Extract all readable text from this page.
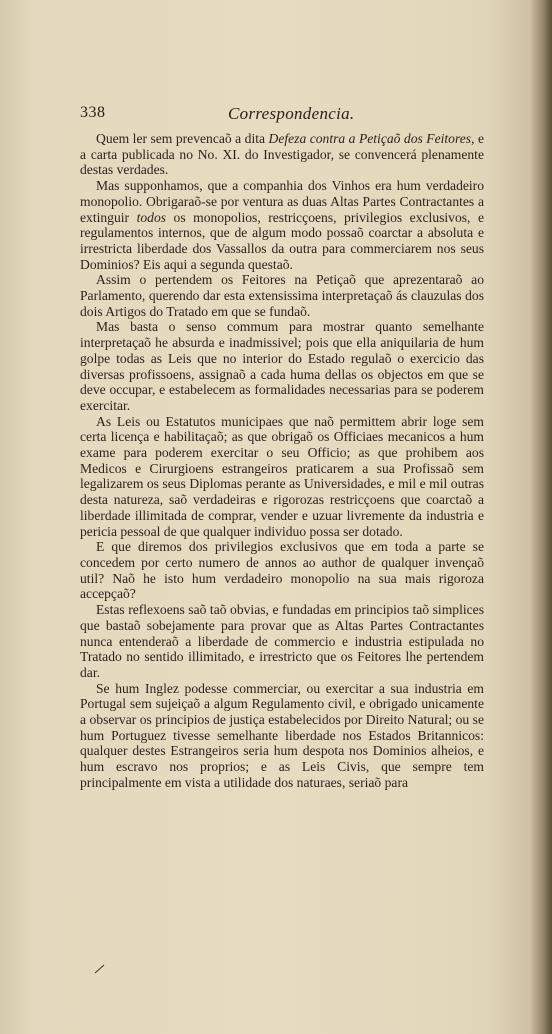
338	Correspondencia.

Quem ler sem prevencaõ a dita Defeza contra a Petiçaõ dos Feitores, e a carta publicada no No. XI. do Investigador, se convencerá plenamente destas verdades.

Mas supponhamos, que a companhia dos Vinhos era hum verdadeiro monopolio. Obrigaraõ-se por ventura as duas Altas Partes Contractantes a extinguir todos os monopolios, restricçoens, privilegios exclusivos, e regulamentos internos, que de algum modo possaõ coarctar a absoluta e irrestricta liberdade dos Vassallos da outra para commerciarem nos seus Dominios? Eis aqui a segunda questaõ.

Assim o pertendem os Feitores na Petiçaõ que aprezentaraõ ao Parlamento, querendo dar esta extensissima interpretaçaõ ás clauzulas dos dois Artigos do Tratado em que se fundaõ.

Mas basta o senso commum para mostrar quanto semelhante interpretaçaõ he absurda e inadmissivel; pois que ella aniquilaria de hum golpe todas as Leis que no interior do Estado regulaõ o exercicio das diversas profissoens, assignaõ a cada huma dellas os objectos em que se deve occupar, e estabelecem as formalidades necessarias para se poderem exercitar.

As Leis ou Estatutos municipaes que naõ permittem abrir loge sem certa licença e habilitaçaõ; as que obrigaõ os Officiaes mecanicos a hum exame para poderem exercitar o seu Officio; as que prohibem aos Medicos e Cirurgioens estrangeiros praticarem a sua Profissaõ sem legalizarem os seus Diplomas perante as Universidades, e mil e mil outras desta natureza, saõ verdadeiras e rigorozas restricçoens que coarctaõ a liberdade illimitada de comprar, vender e uzuar livremente da industria e pericia pessoal de que qualquer individuo possa ser dotado.

E que diremos dos privilegios exclusivos que em toda a parte se concedem por certo numero de annos ao author de qualquer invençaõ util? Naõ he isto hum verdadeiro monopolio na sua mais rigoroza accepçaõ?

Estas reflexoens saõ taõ obvias, e fundadas em principios taõ simplices que bastaõ sobejamente para provar que as Altas Partes Contractantes nunca entenderaõ a liberdade de commercio e industria estipulada no Tratado no sentido illimitado, e irrestricto que os Feitores lhe pertendem dar.

Se hum Inglez podesse commerciar, ou exercitar a sua industria em Portugal sem sujeiçaõ a algum Regulamento civil, e obrigado unicamente a observar os principios de justiça estabelecidos por Direito Natural; ou se hum Portuguez tivesse semelhante liberdade nos Estados Britannicos: qualquer destes Estrangeiros seria hum despota nos Dominios alheios, e hum escravo nos proprios; e as Leis Civis, que sempre tem principalmente em vista a utilidade dos naturaes, seriaõ para
